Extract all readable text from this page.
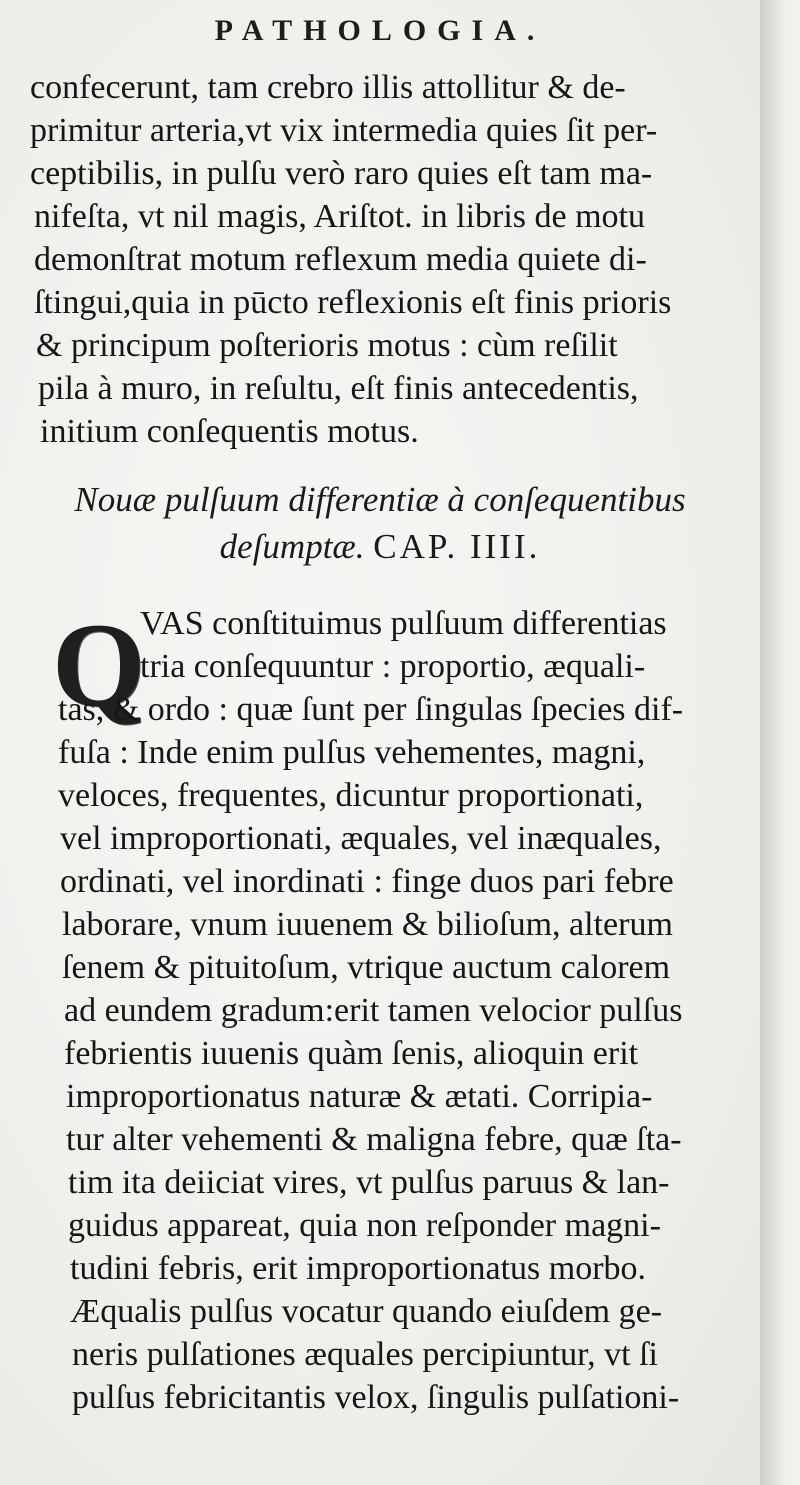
PATHOLOGIA.
confecerunt, tam crebro illis attollitur & de-
primitur arteria,vt vix intermedia quies ſit per-
ceptibilis, in pulſu verò raro quies eſt tam ma-
nifeſta, vt nil magis, Ariſtot. in libris de motu
demonſtrat motum reflexum media quiete di-
ſtingui,quia in pūcto reflexionis eſt finis prioris
& principum poſterioris motus : cùm reſilit
pila à muro, in reſultu, eſt finis antecedentis,
initium conſequentis motus.
Nouæ pulſuum differentiæ à conſequentibus
deſumptæ. CAP. IIII.
Q
VAS conſtituimus pulſuum differentias
tria conſequuntur : proportio, æquali-
tas, & ordo : quæ ſunt per ſingulas ſpecies dif-
fuſa : Inde enim pulſus vehementes, magni,
veloces, frequentes, dicuntur proportionati,
vel improportionati, æquales, vel inæquales,
ordinati, vel inordinati : finge duos pari febre
laborare, vnum iuuenem & bilioſum, alterum
ſenem & pituitoſum, vtrique auctum calorem
ad eundem gradum:erit tamen velocior pulſus
febrientis iuuenis quàm ſenis, alioquin erit
improportionatus naturæ & ætati. Corripia-
tur alter vehementi & maligna febre, quæ ſta-
tim ita deiiciat vires, vt pulſus paruus & lan-
guidus appareat, quia non reſponder magni-
tudini febris, erit improportionatus morbo.
Æqualis pulſus vocatur quando eiuſdem ge-
neris pulſationes æquales percipiuntur, vt ſi
pulſus febricitantis velox, ſingulis pulſationi-
